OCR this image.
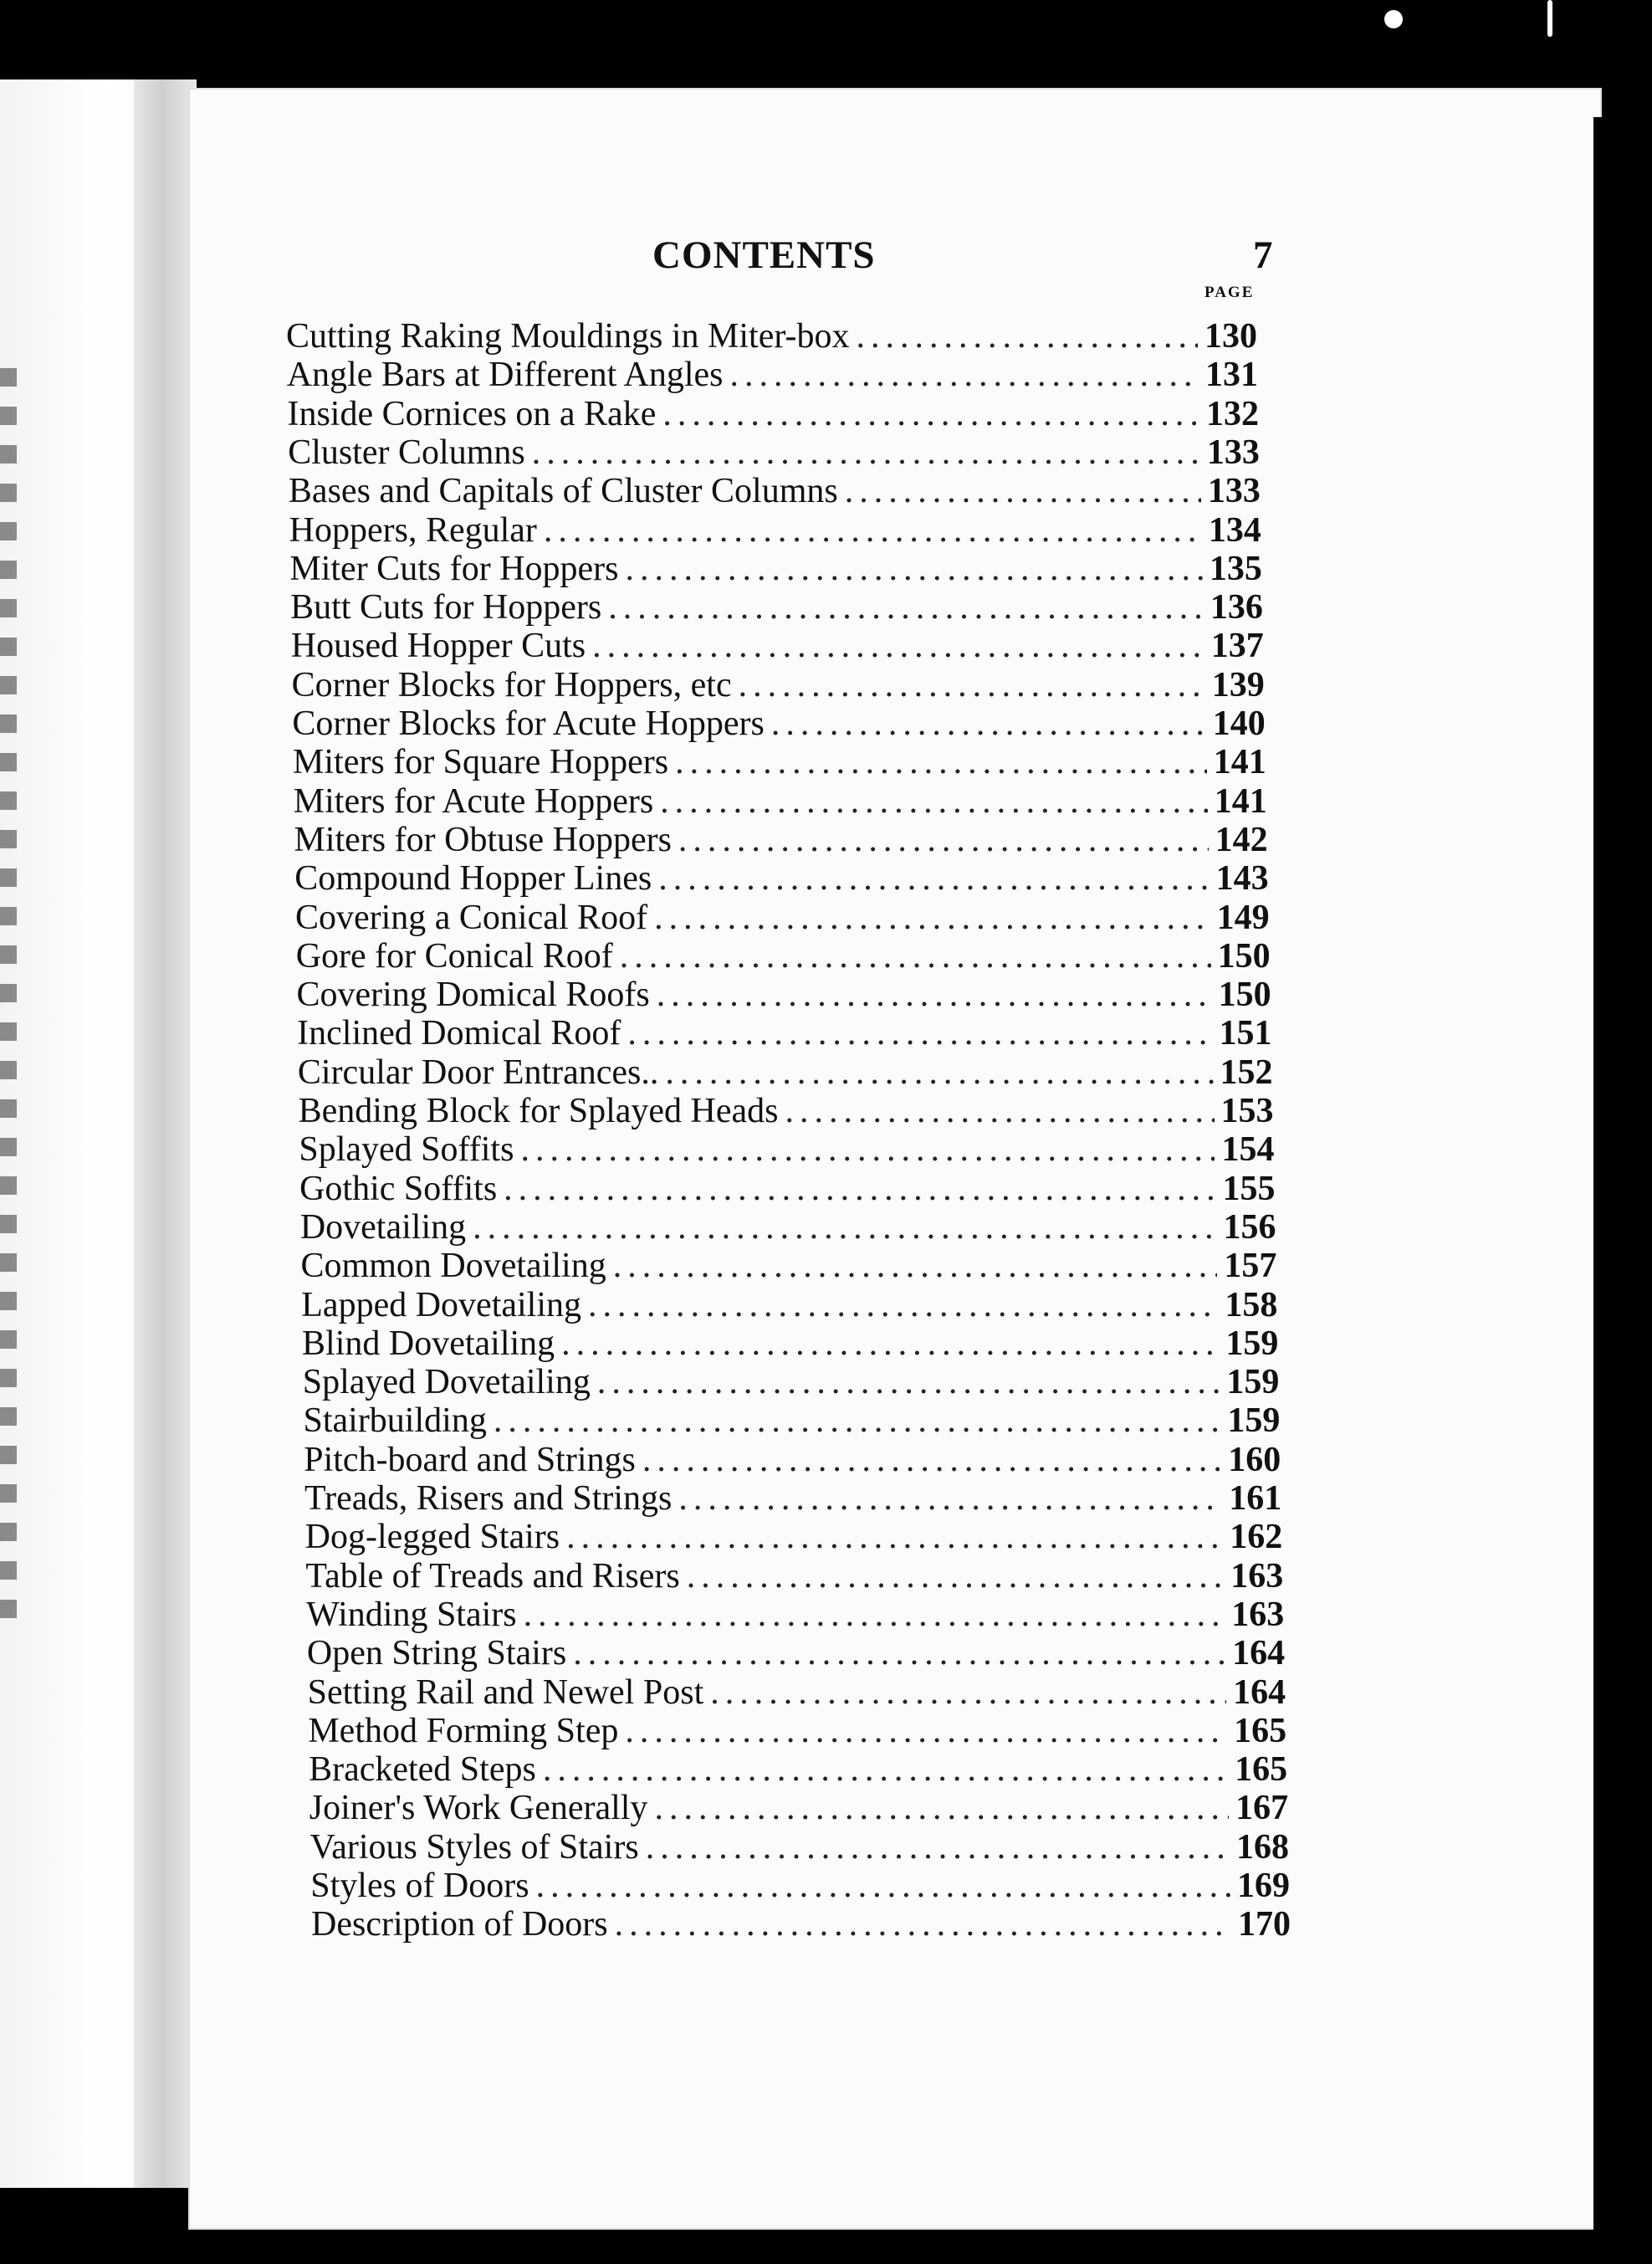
CONTENTS	7
PAGE
Cutting Raking Mouldings in Miter-box .....	130
Angle Bars at Different Angles .....	131
Inside Cornices on a Rake .....	132
Cluster Columns .....	133
Bases and Capitals of Cluster Columns .....	133
Hoppers, Regular .....	134
Miter Cuts for Hoppers .....	135
Butt Cuts for Hoppers .....	136
Housed Hopper Cuts .....	137
Corner Blocks for Hoppers, etc .....	139
Corner Blocks for Acute Hoppers .....	140
Miters for Square Hoppers .....	141
Miters for Acute Hoppers .....	141
Miters for Obtuse Hoppers .....	142
Compound Hopper Lines .....	143
Covering a Conical Roof .....	149
Gore for Conical Roof .....	150
Covering Domical Roofs .....	150
Inclined Domical Roof .....	151
Circular Door Entrances.. .....	152
Bending Block for Splayed Heads .....	153
Splayed Soffits .....	154
Gothic Soffits .....	155
Dovetailing .....	156
Common Dovetailing .....	157
Lapped Dovetailing .....	158
Blind Dovetailing .....	159
Splayed Dovetailing .....	159
Stairbuilding .....	159
Pitch-board and Strings .....	160
Treads, Risers and Strings .....	161
Dog-legged Stairs .....	162
Table of Treads and Risers .....	163
Winding Stairs .....	163
Open String Stairs .....	164
Setting Rail and Newel Post .....	164
Method Forming Step .....	165
Bracketed Steps .....	165
Joiner's Work Generally .....	167
Various Styles of Stairs .....	168
Styles of Doors .....	169
Description of Doors .....	170
